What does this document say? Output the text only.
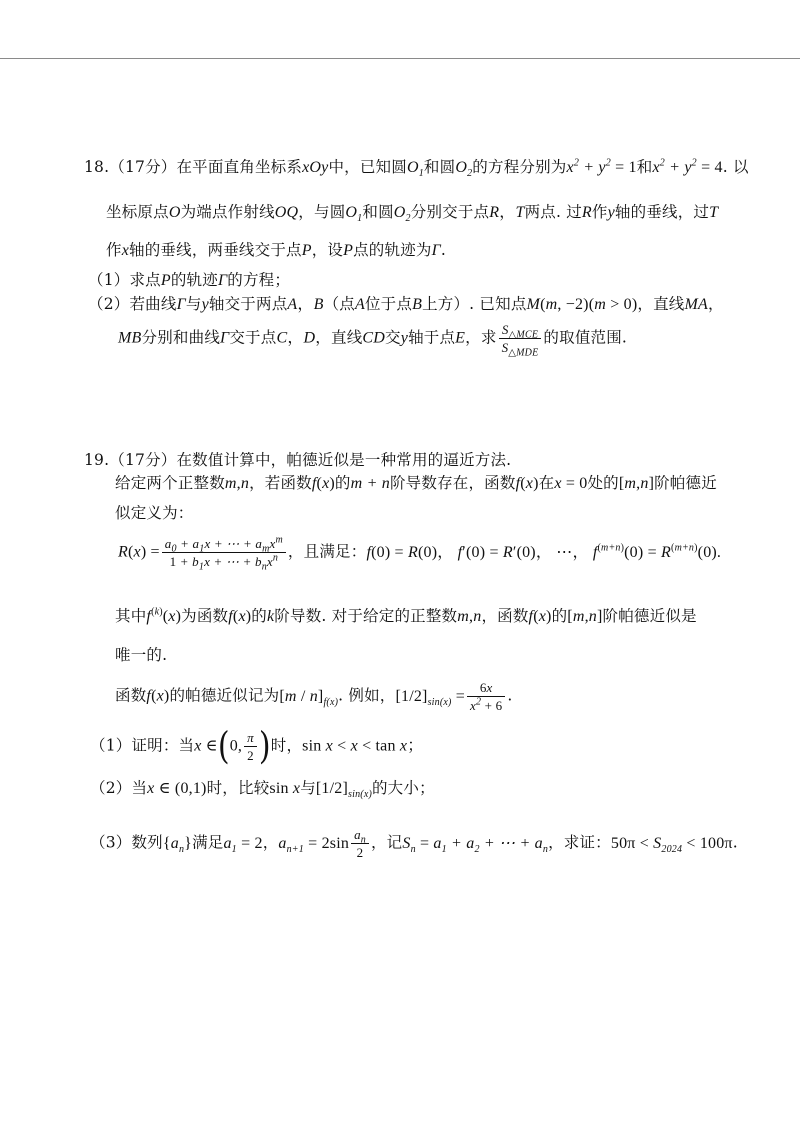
18.（17分）在平面直角坐标系xOy中，已知圆$O_1$和圆$O_2$的方程分别为$x^2 + y^2 = 1$和$x^2 + y^2 = 4$. 以
坐标原点O为端点作射线OQ，与圆$O_1$和圆$O_2$分别交于点R，T两点. 过R作y轴的垂线，过T
作x轴的垂线，两垂线交于点P，设P点的轨迹为Γ.
（1）求点P的轨迹Γ的方程；
（2）若曲线Γ与y轴交于两点A，B（点A位于点B上方）. 已知点M(m, −2)(m > 0)，直线MA，
MB分别和曲线Γ交于点C，D，直线CD交y轴于点E，求 $\frac{S_{\triangle MCE}}{S_{\triangle MDE}}$ 的取值范围.
19.（17分）在数值计算中，帕德近似是一种常用的逼近方法.
给定两个正整数m,n，若函数f(x)的m + n阶导数存在，函数f(x)在x = 0处的[m,n]阶帕德近
似定义为：
$R(x) = \frac{a_0 + a_1x + \cdots + a_mx^m}{1 + b_1x + \cdots + b_nx^n}$ ，且满足：f(0) = R(0)， f′(0) = R′(0)， ⋯， $f^{(m+n)}(0) = R^{(m+n)}(0)$.
其中$f^{(k)}(x)$为函数f(x)的k阶导数. 对于给定的正整数m,n，函数f(x)的[m,n]阶帕德近似是
唯一的.
函数f(x)的帕德近似记为$[m / n]_{f(x)}$. 例如，$[1/2]_{sin(x)} = \frac{6x}{x^2 + 6}$ .
（1）证明：当x ∈(0, $\frac{\pi}{2}$ )时，sin x < x < tan x；
（2）当x ∈ (0,1)时，比较sin x与$[1/2]_{sin(x)}$的大小；
（3）数列$\{a_n\}$满足$a_1 = 2$，$a_{n+1} = 2\sin \frac{a_n}{2}$ ，记$S_n = a_1 + a_2$ + ⋯ + $a_n$，求证：$50\pi < S_{2024} < 100\pi$.
